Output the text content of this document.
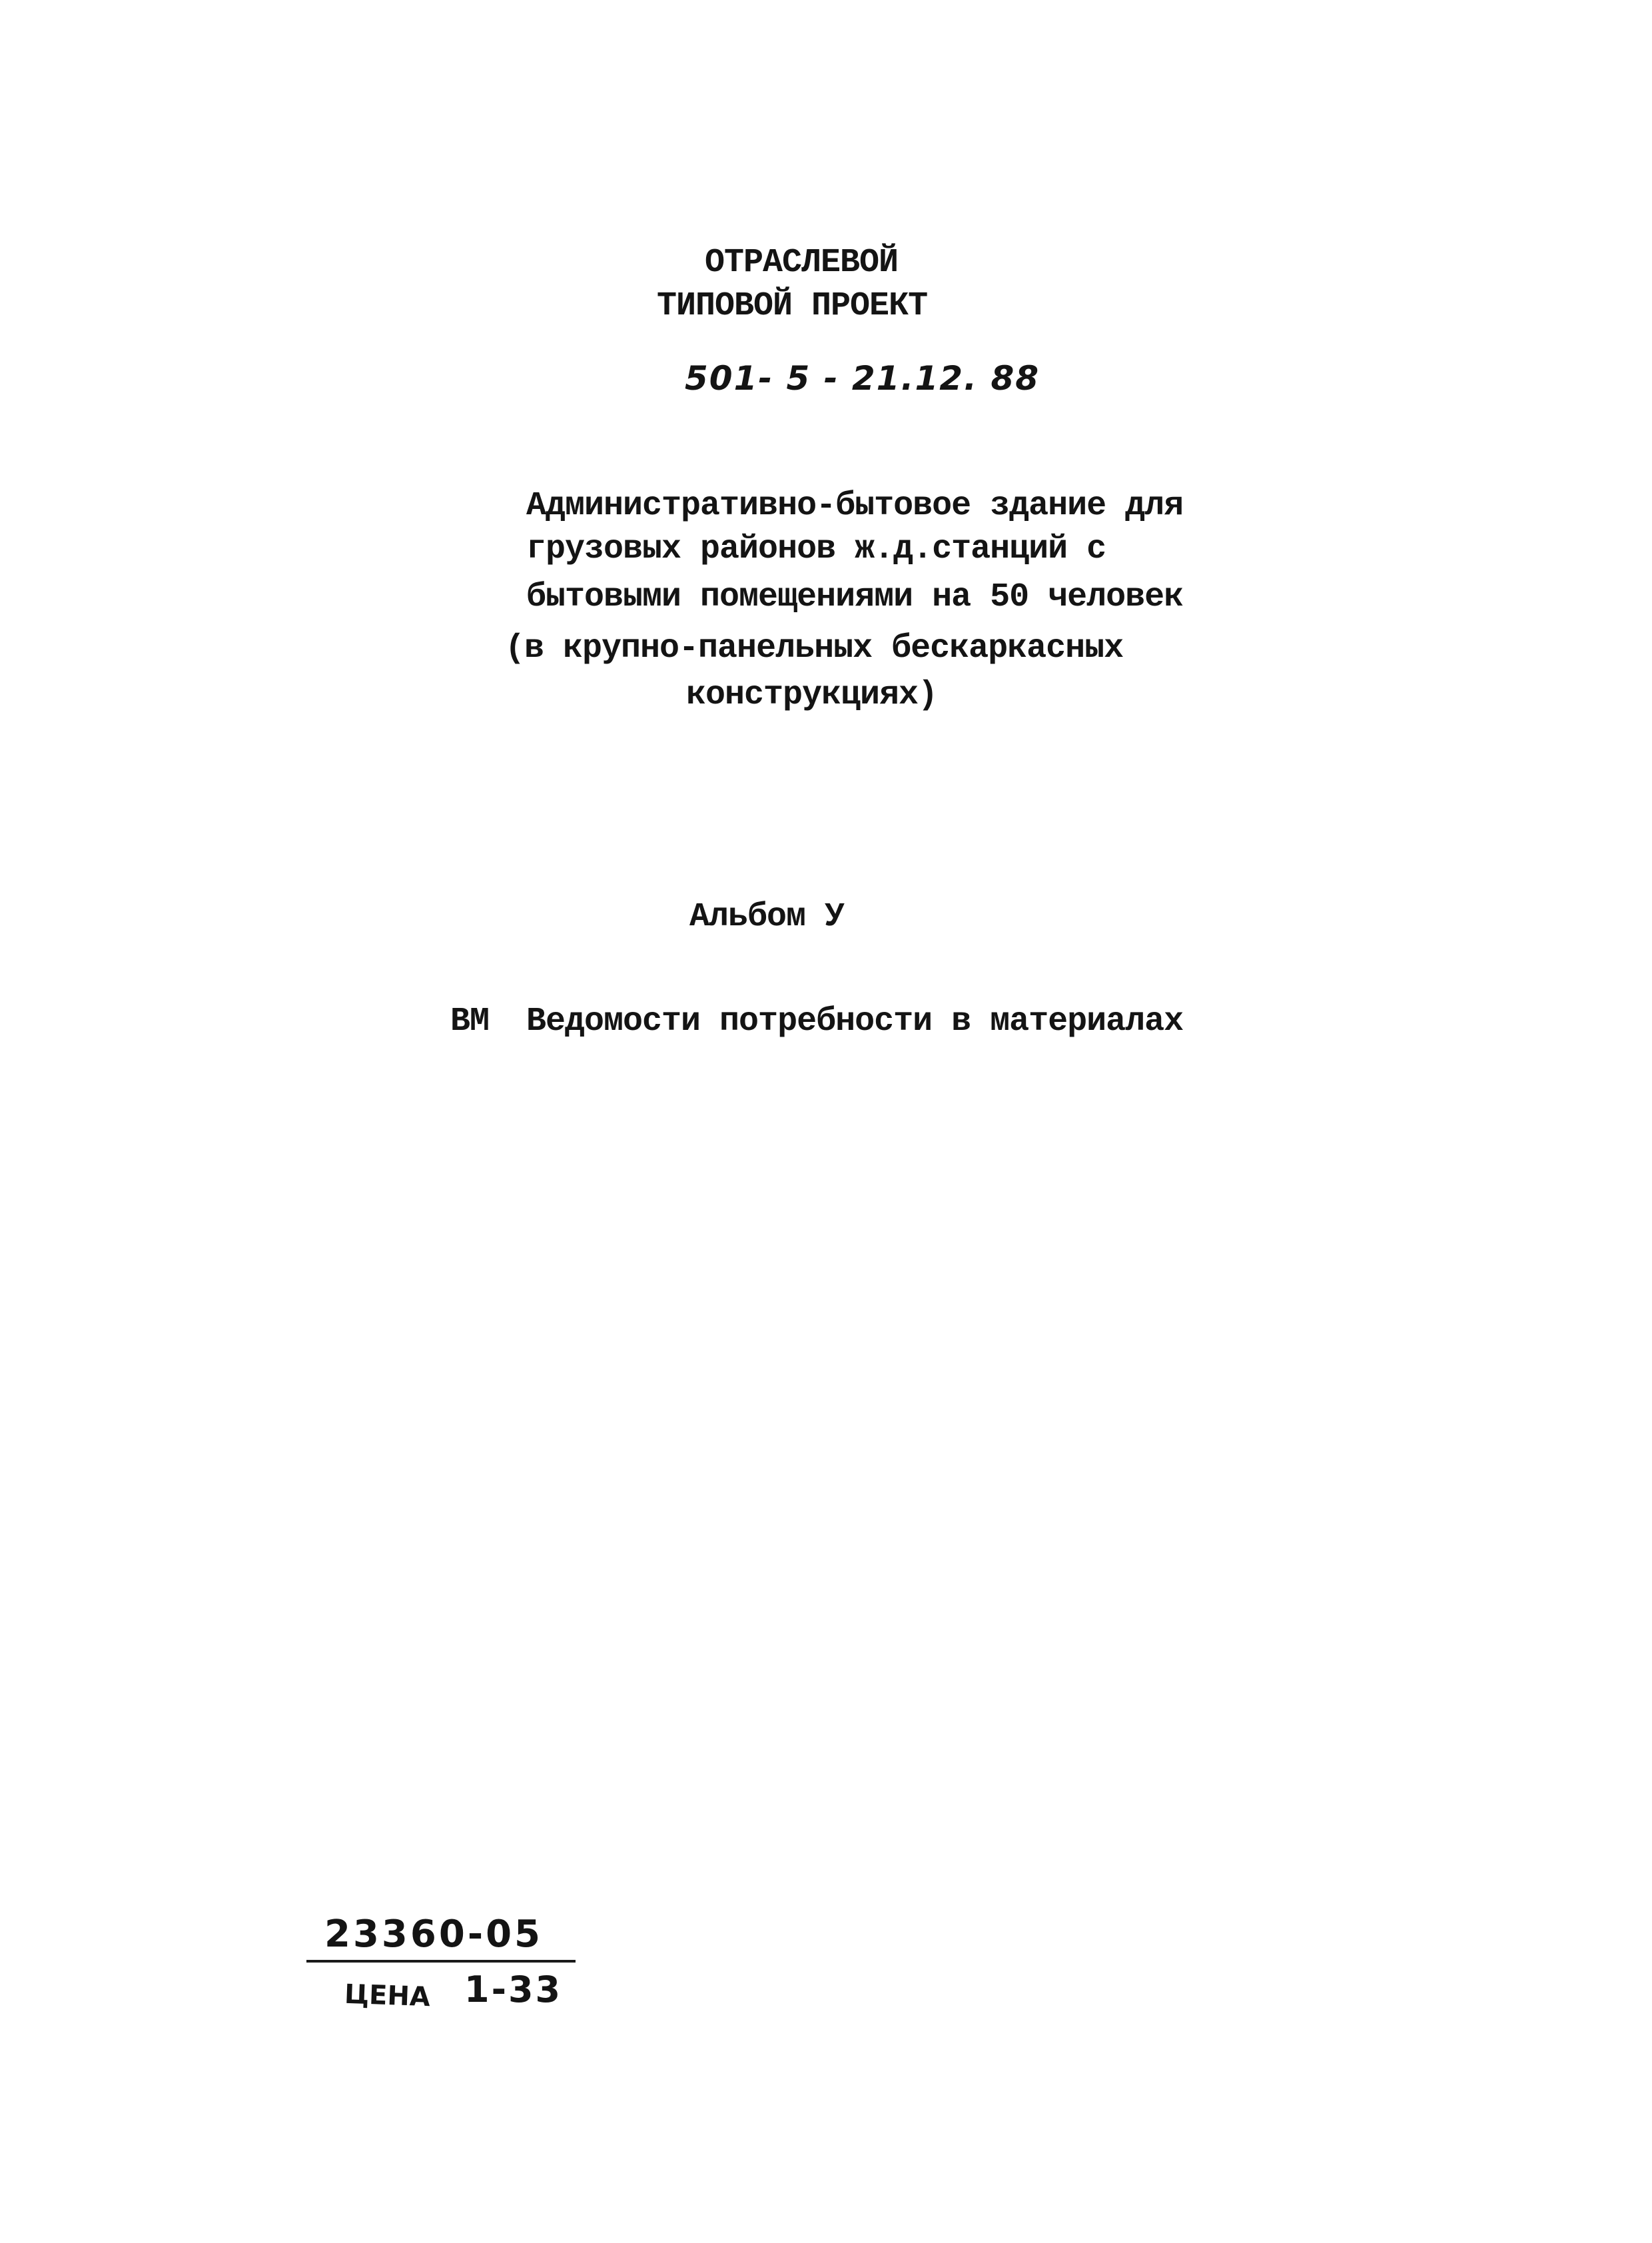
ОТРАСЛЕВОЙ
ТИПОВОЙ ПРОЕКТ
501- 5 - 21.12. 88
Административно-бытовое здание для
грузовых районов ж.д.станций с
бытовыми помещениями на 50 человек
(в крупно-панельных бескаркасных
конструкциях)
Альбом У
ВМ Ведомости потребности в материалах
23360-05
ЦЕНА 1-33
